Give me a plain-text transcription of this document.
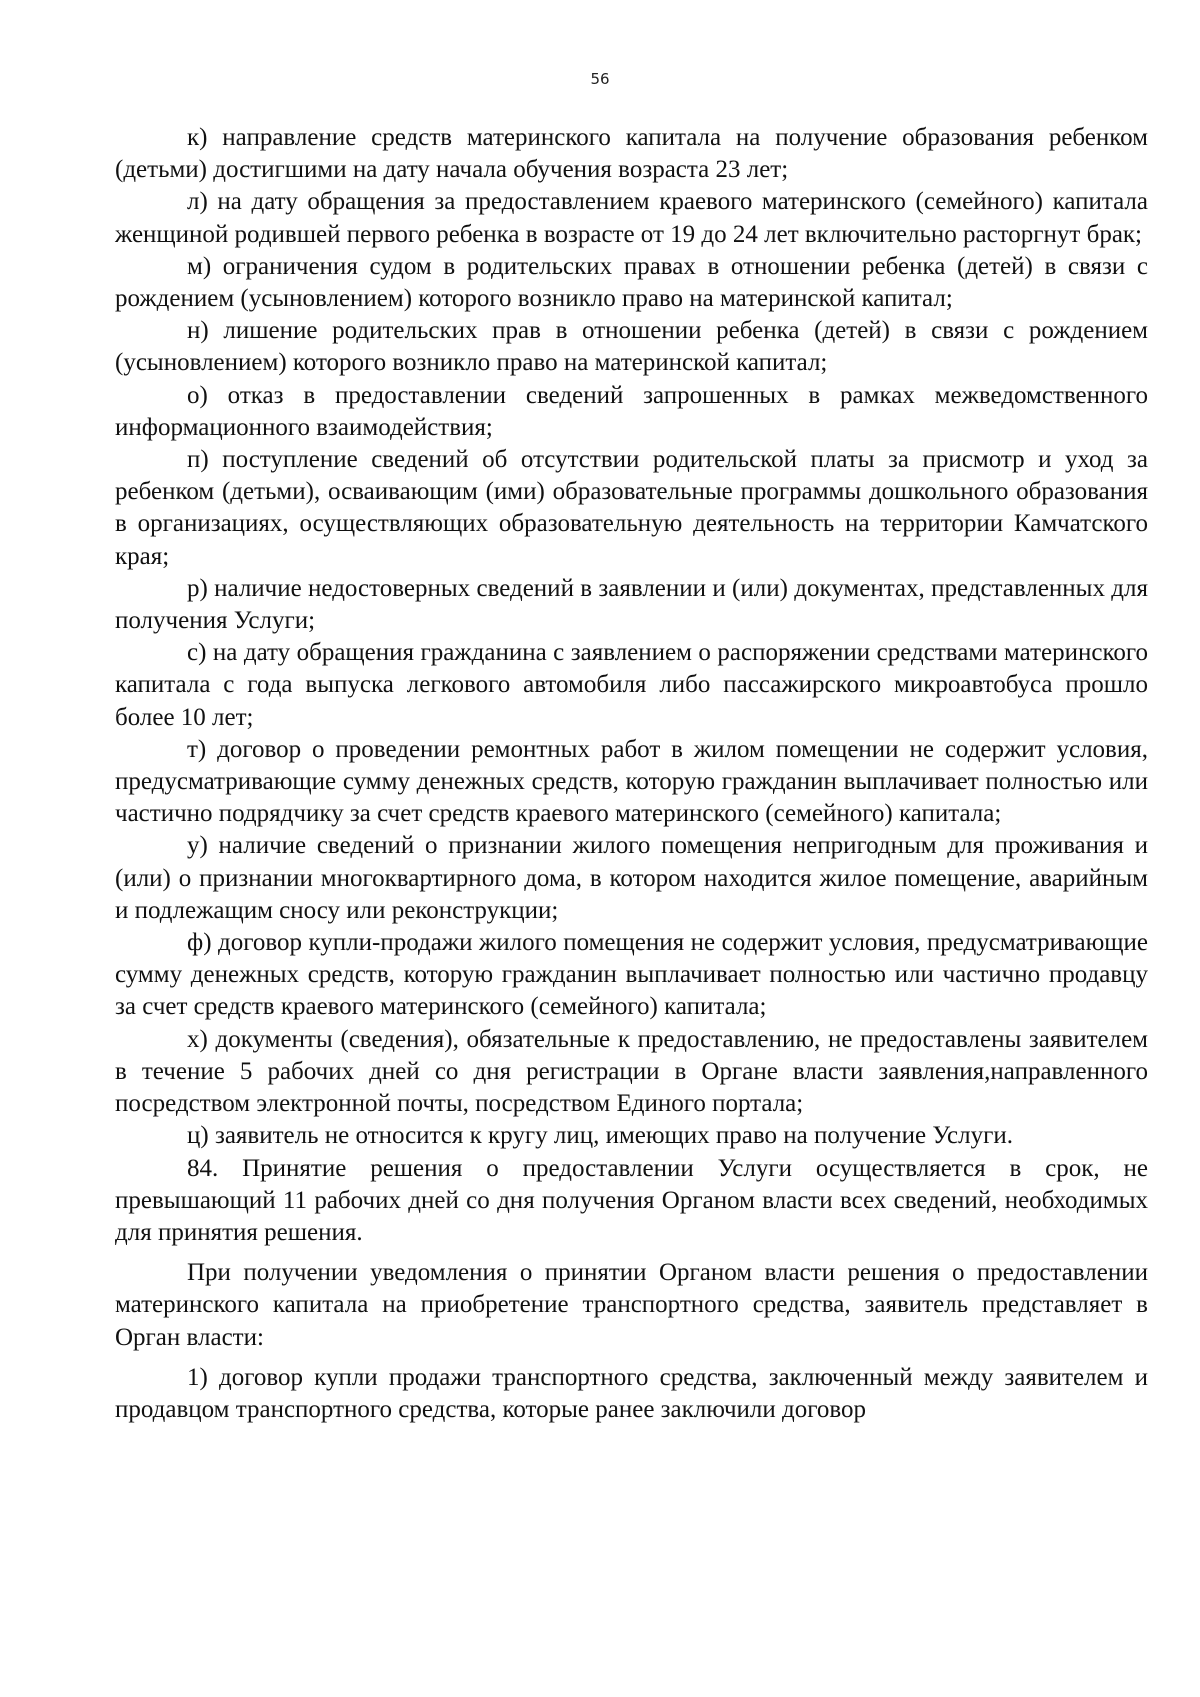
56

к) направление средств материнского капитала на получение образования ребенком (детьми) достигшими на дату начала обучения возраста 23 лет;

л) на дату обращения за предоставлением краевого материнского (семейного) капитала женщиной родившей первого ребенка в возрасте от 19 до 24 лет включительно расторгнут брак;

м) ограничения судом в родительских правах в отношении ребенка (детей) в связи с рождением (усыновлением) которого возникло право на материнской капитал;

н) лишение родительских прав в отношении ребенка (детей) в связи с рождением (усыновлением) которого возникло право на материнской капитал;

о) отказ в предоставлении сведений запрошенных в рамках межведомственного информационного взаимодействия;

п) поступление сведений об отсутствии родительской платы за присмотр и уход за ребенком (детьми), осваивающим (ими) образовательные программы дошкольного образования в организациях, осуществляющих образовательную деятельность на территории Камчатского края;

р) наличие недостоверных сведений в заявлении и (или) документах, представленных для получения Услуги;

с) на дату обращения гражданина с заявлением о распоряжении средствами материнского капитала с года выпуска легкового автомобиля либо пассажирского микроавтобуса прошло более 10 лет;

т) договор о проведении ремонтных работ в жилом помещении не содержит условия, предусматривающие сумму денежных средств, которую гражданин выплачивает полностью или частично подрядчику за счет средств краевого материнского (семейного) капитала;

у) наличие сведений о признании жилого помещения непригодным для проживания и (или) о признании многоквартирного дома, в котором находится жилое помещение, аварийным и подлежащим сносу или реконструкции;

ф) договор купли-продажи жилого помещения не содержит условия, предусматривающие сумму денежных средств, которую гражданин выплачивает полностью или частично продавцу за счет средств краевого материнского (семейного) капитала;

х) документы (сведения), обязательные к предоставлению, не предоставлены заявителем в течение 5 рабочих дней со дня регистрации в Органе власти заявления,направленного посредством электронной почты, посредством Единого портала;

ц) заявитель не относится к кругу лиц, имеющих право на получение Услуги.

84. Принятие решения о предоставлении Услуги осуществляется в срок, не превышающий 11 рабочих дней со дня получения Органом власти всех сведений, необходимых для принятия решения.

При получении уведомления о принятии Органом власти решения о предоставлении материнского капитала на приобретение транспортного средства, заявитель представляет в Орган власти:

1) договор купли продажи транспортного средства, заключенный между заявителем и продавцом транспортного средства, которые ранее заключили договор
